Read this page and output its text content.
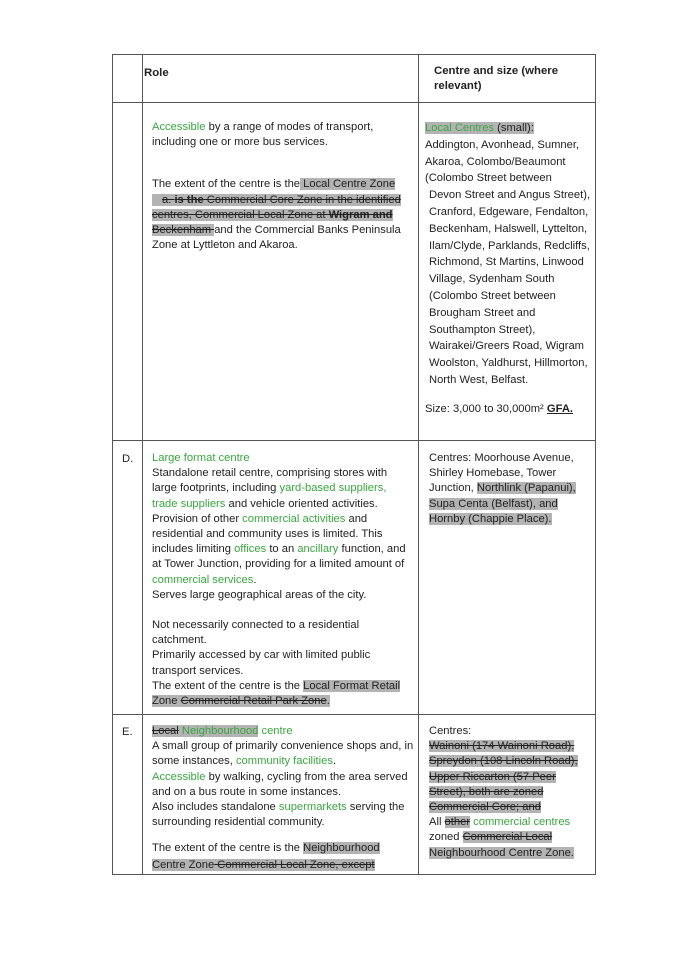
Role	Centre and size (where relevant)

Accessible by a range of modes of transport, including one or more bus services.

The extent of the centre is the Local Centre Zone
a. is the Commercial Core Zone in the identified centres, Commercial Local Zone at Wigram and Beckenham and the Commercial Banks Peninsula Zone at Lyttleton and Akaroa.

Local Centres (small):
Addington, Avonhead, Sumner, Akaroa, Colombo/Beaumont (Colombo Street between

Devon Street and Angus Street), Cranford, Edgeware, Fendalton, Beckenham, Halswell, Lyttelton, Ilam/Clyde, Parklands, Redcliffs, Richmond, St Martins, Linwood Village, Sydenham South (Colombo Street between Brougham Street and Southampton Street), Wairakei/Greers Road, Wigram Woolston, Yaldhurst, Hillmorton, North West, Belfast.

Size: 3,000 to 30,000m² GFA.

D. Large format centre

Standalone retail centre, comprising stores with large footprints, including yard-based suppliers, trade suppliers and vehicle oriented activities.

Provision of other commercial activities and residential and community uses is limited. This includes limiting offices to an ancillary function, and at Tower Junction, providing for a limited amount of commercial services.

Serves large geographical areas of the city.

Not necessarily connected to a residential catchment.

Primarily accessed by car with limited public transport services.

The extent of the centre is the Local Format Retail Zone Commercial Retail Park Zone.

Centres: Moorhouse Avenue, Shirley Homebase, Tower Junction, Northlink (Papanui), Supa Centa (Belfast), and Hornby (Chappie Place).

E. Local Neighbourhood centre

A small group of primarily convenience shops and, in some instances, community facilities.

Accessible by walking, cycling from the area served and on a bus route in some instances.

Also includes standalone supermarkets serving the surrounding residential community.

The extent of the centre is the Neighbourhood Centre Zone Commercial Local Zone, except

Centres:

Wainoni (174 Wainoni Road), Spreydon (108 Lincoln Road), Upper Riccarton (57 Peer Street), both are zoned Commercial Core; and

All other commercial centres
zoned Commercial Local
Neighbourhood Centre Zone.
